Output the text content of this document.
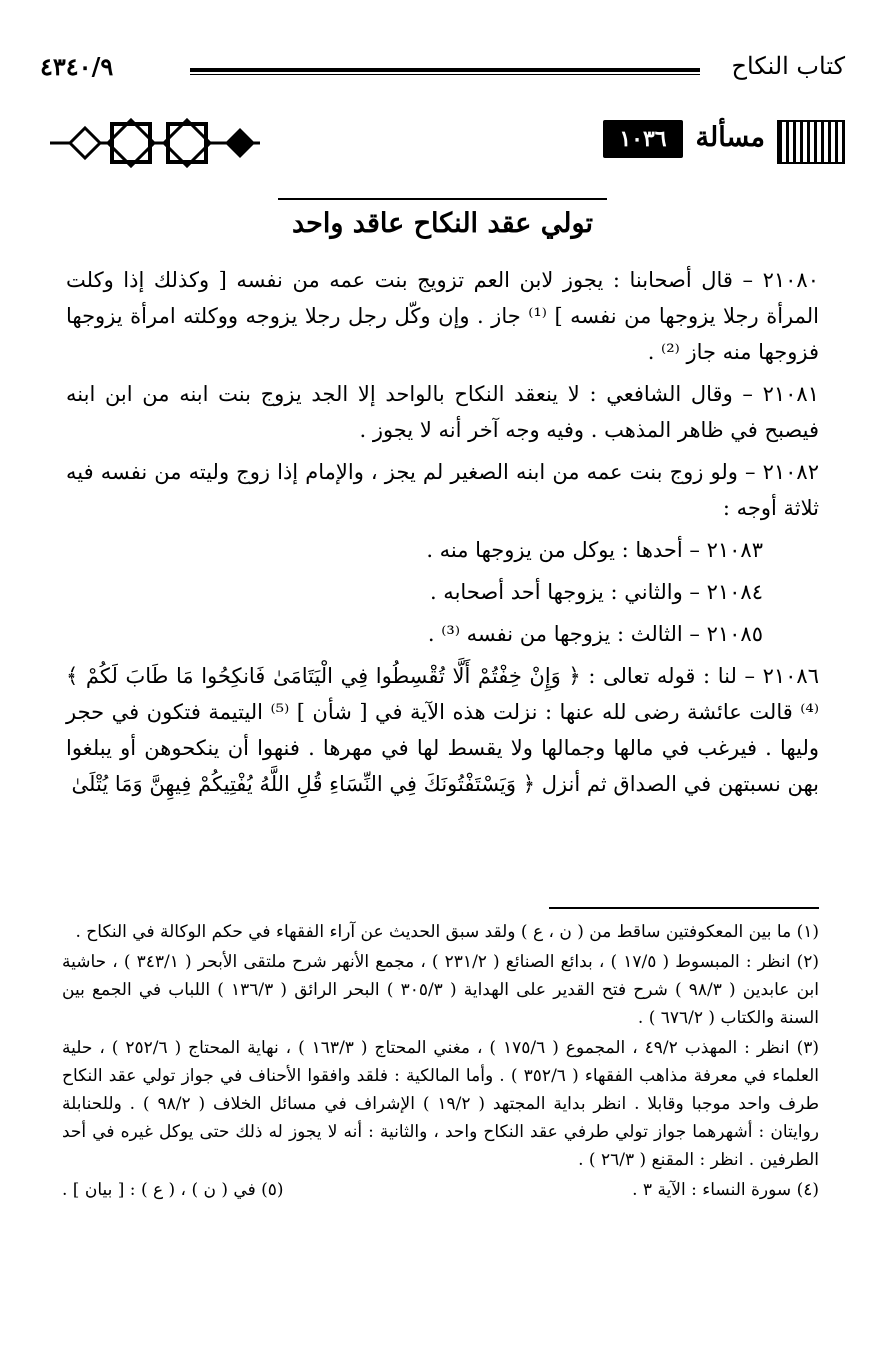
كتاب النكاح
٤٣٤٠/٩
مسألة
١٠٣٦
تولي عقد النكاح عاقد واحد

٢١٠٨٠ – قال أصحابنا : يجوز لابن العم تزويج بنت عمه من نفسه [ وكذلك إذا وكلت المرأة رجلا يزوجها من نفسه ] ⁽¹⁾ جاز . وإن وكّل رجل رجلا يزوجه ووكلته امرأة يزوجها فزوجها منه جاز ⁽²⁾ .

٢١٠٨١ – وقال الشافعي : لا ينعقد النكاح بالواحد إلا الجد يزوج بنت ابنه من ابن ابنه فيصبح في ظاهر المذهب . وفيه وجه آخر أنه لا يجوز .

٢١٠٨٢ – ولو زوج بنت عمه من ابنه الصغير لم يجز ، والإمام إذا زوج وليته من نفسه فيه ثلاثة أوجه :

٢١٠٨٣ – أحدها : يوكل من يزوجها منه .

٢١٠٨٤ – والثاني : يزوجها أحد أصحابه .

٢١٠٨٥ – الثالث : يزوجها من نفسه ⁽³⁾ .

٢١٠٨٦ – لنا : قوله تعالى : ﴿ وَإِنْ خِفْتُمْ أَلَّا تُقْسِطُوا فِي الْيَتَامَىٰ فَانكِحُوا مَا طَابَ لَكُمْ ﴾ ⁽⁴⁾ قالت عائشة رضى لله عنها : نزلت هذه الآية في [ شأن ] ⁽⁵⁾ اليتيمة فتكون في حجر وليها . فيرغب في مالها وجمالها ولا يقسط لها في مهرها . فنهوا أن ينكحوهن أو يبلغوا بهن نسبتهن في الصداق ثم أنزل ﴿ وَيَسْتَفْتُونَكَ فِي النِّسَاءِ قُلِ اللَّهُ يُفْتِيكُمْ فِيهِنَّ وَمَا يُتْلَىٰ

(١) ما بين المعكوفتين ساقط من ( ن ، ع ) ولقد سبق الحديث عن آراء الفقهاء في حكم الوكالة في النكاح .

(٢) انظر : المبسوط ( ١٧/٥ ) ، بدائع الصنائع ( ٢٣١/٢ ) ، مجمع الأنهر شرح ملتقى الأبحر ( ٣٤٣/١ ) ، حاشية ابن عابدين ( ٩٨/٣ ) شرح فتح القدير على الهداية ( ٣٠٥/٣ ) البحر الرائق ( ١٣٦/٣ ) اللباب في الجمع بين السنة والكتاب ( ٦٧٦/٢ ) .

(٣) انظر : المهذب ٤٩/٢ ، المجموع ( ١٧٥/٦ ) ، مغني المحتاج ( ١٦٣/٣ ) ، نهاية المحتاج ( ٢٥٢/٦ ) ، حلية العلماء في معرفة مذاهب الفقهاء ( ٣٥٢/٦ ) . وأما المالكية : فلقد وافقوا الأحناف في جواز تولي عقد النكاح طرف واحد موجبا وقابلا . انظر بداية المجتهد ( ١٩/٢ ) الإشراف في مسائل الخلاف ( ٩٨/٢ ) . وللحنابلة روايتان : أشهرهما جواز تولي طرفي عقد النكاح واحد ، والثانية : أنه لا يجوز له ذلك حتى يوكل غيره في أحد الطرفين . انظر : المقنع ( ٢٦/٣ ) .

(٤) سورة النساء : الآية ٣ .
(٥) في ( ن ) ، ( ع ) : [ بيان ] .
